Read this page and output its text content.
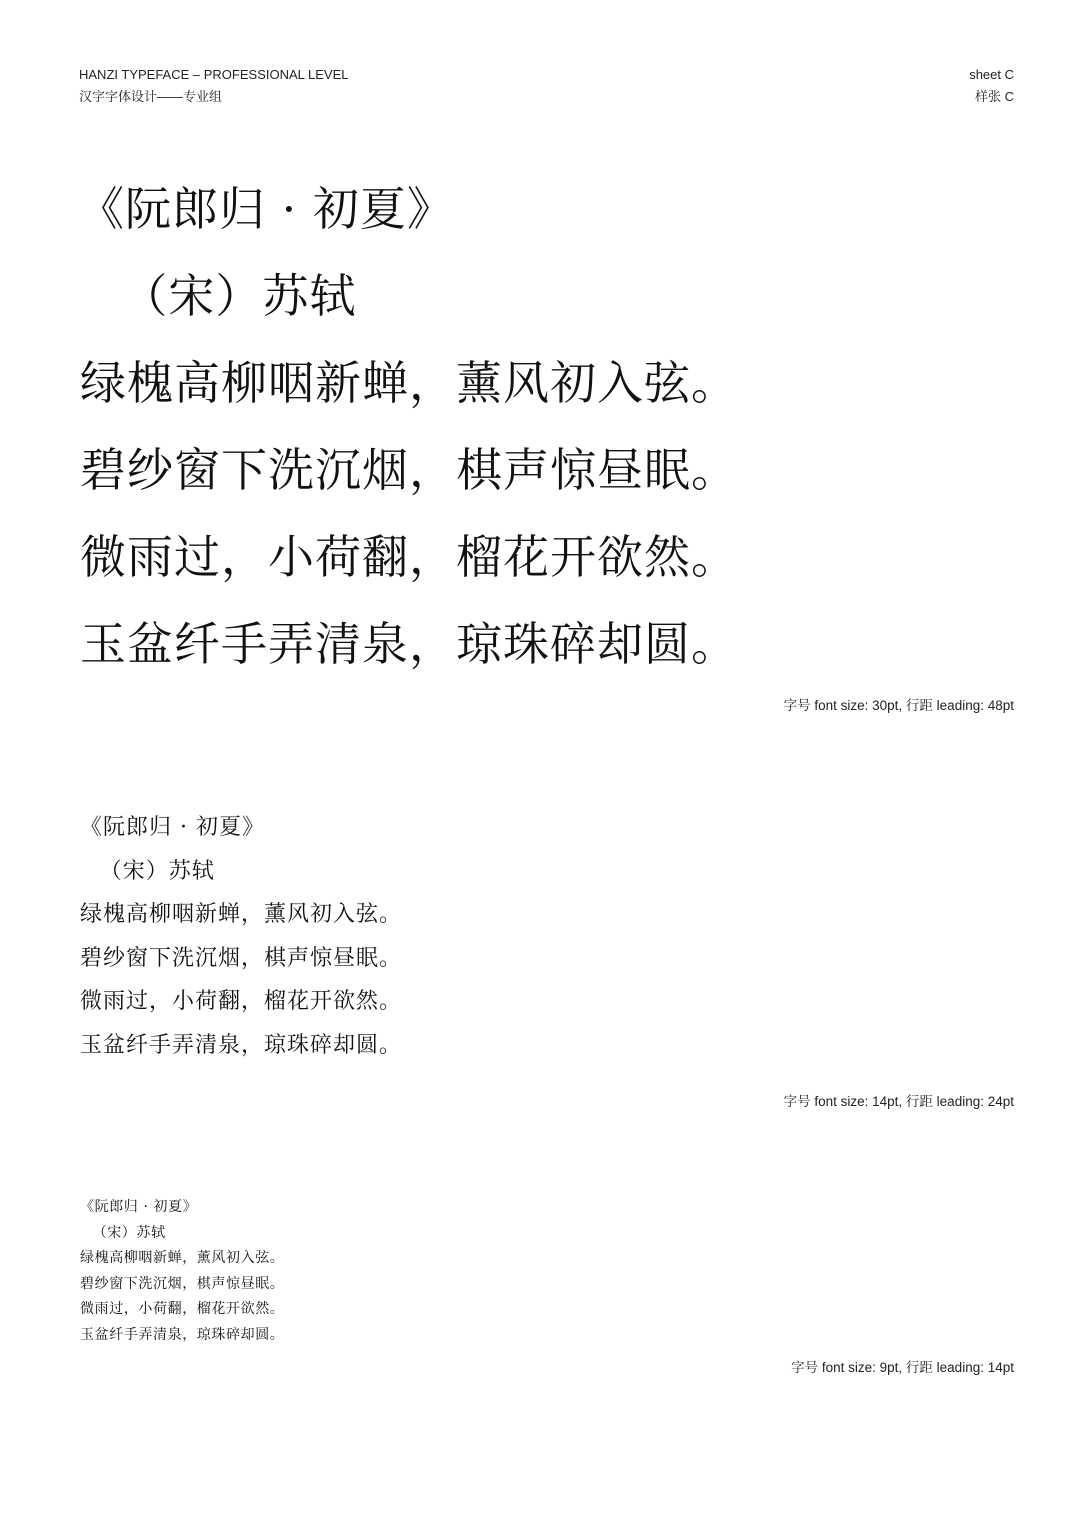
HANZI TYPEFACE – PROFESSIONAL LEVEL
汉字字体设计——专业组
sheet C
样张 C
《阮郎归 · 初夏》
（宋）苏轼
绿槐高柳咽新蝉，薰风初入弦。
碧纱窗下洗沉烟，棋声惊昼眠。
微雨过，小荷翻，榴花开欲然。
玉盆纤手弄清泉，琼珠碎却圆。
字号 font size: 30pt, 行距 leading: 48pt
《阮郎归 · 初夏》
（宋）苏轼
绿槐高柳咽新蝉，薰风初入弦。
碧纱窗下洗沉烟，棋声惊昼眠。
微雨过，小荷翻，榴花开欲然。
玉盆纤手弄清泉，琼珠碎却圆。
字号 font size: 14pt, 行距 leading: 24pt
《阮郎归 · 初夏》
（宋）苏轼
绿槐高柳咽新蝉，薰风初入弦。
碧纱窗下洗沉烟，棋声惊昼眠。
微雨过，小荷翻，榴花开欲然。
玉盆纤手弄清泉，琼珠碎却圆。
字号 font size: 9pt, 行距 leading: 14pt
